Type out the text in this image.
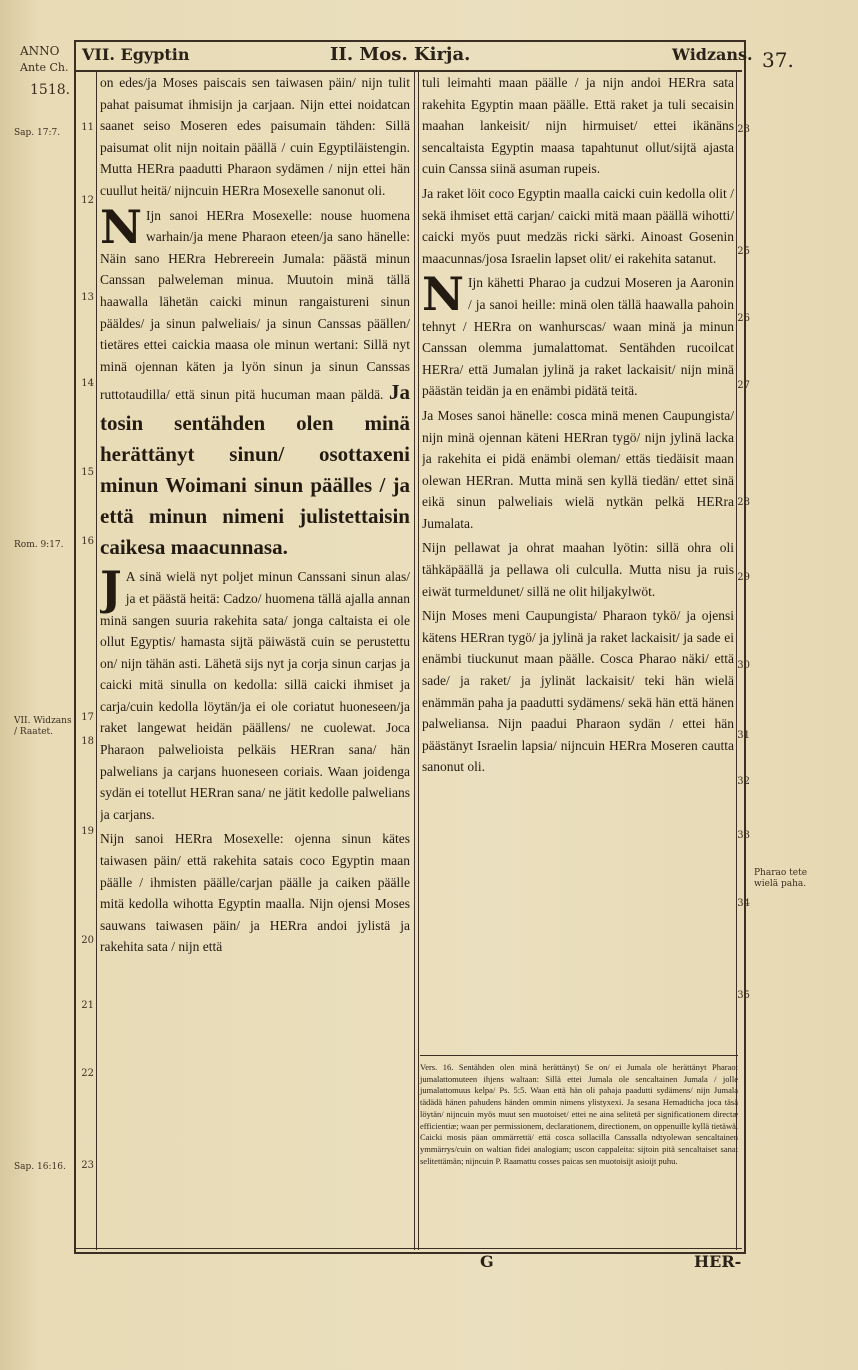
ANNO
Ante Ch.
1518.
VII. Egyptin	II. Mos. Kirja.	Widzans. 37.
Sap. 17:7.
Rom. 9:17.
VII. Widzans / Raatet.
Sap. 16:16.
Pharao tete wielä paha.
11
12
13
14
15
16
17
18
19
20
21
22
23
23
25
26
27
28
29
30
31
32
33
34
35

on edes/ja Moses paiscais sen taiwasen päin/ nijn tulit pahat paisumat ihmisijn ja carjaan. Nijn ettei noidatcan saanet seiso Moseren edes paisumain tähden: Sillä paisumat olit nijn noitain päällä / cuin Egyptiläistengin. Mutta HERra paadutti Pharaon sydämen / nijn ettei hän cuullut heitä/ nijncuin HERra Mosexelle sanonut oli.

N Ijn sanoi HERra Mosexelle: nouse huomena warhain/ja mene Pharaon eteen/ja sano hänelle: Näin sano HERra Hebrereein Jumala: päästä minun Canssan palweleman minua. Muutoin minä tällä haawalla lähetän caicki minun rangaistureni sinun pääldes/ ja sinun palweliais/ ja sinun Canssas päällen/ tietäres ettei caickia maasa ole minun wertani: Sillä nyt minä ojennan käten ja lyön sinun ja sinun Canssas ruttotaudilla/ että sinun pitä hucuman maan päldä. Ja tosin sentähden olen minä herättänyt sinun/ osottaxeni minun Woimani sinun päälles / ja että minun nimeni julistettaisin caikesa maacunnasa.

J A sinä wielä nyt poljet minun Canssani sinun alas/ ja et päästä heitä: Cadzo/ huomena tällä ajalla annan minä sangen suuria rakehita sata/ jonga caltaista ei ole ollut Egyptis/ hamasta sijtä päiwästä cuin se perustettu on/ nijn tähän asti. Lähetä sijs nyt ja corja sinun carjas ja caicki mitä sinulla on kedolla: sillä caicki ihmiset ja carja/cuin kedolla löytän/ja ei ole coriatut huoneseen/ja raket langewat heidän päällens/ ne cuolewat. Joca Pharaon palwelioista pelkäis HERran sana/ hän palwelians ja carjans huoneseen coriais. Waan joidenga sydän ei totellut HERran sana/ ne jätit kedolle palwelians ja carjans.

Nijn sanoi HERra Mosexelle: ojenna sinun kätes taiwasen päin/ että rakehita satais coco Egyptin maan päälle / ihmisten päälle/carjan päälle ja caiken päälle mitä kedolla wihotta Egyptin maalla. Nijn ojensi Moses sauwans taiwasen päin/ ja HERra andoi jylistä ja rakehita sata / nijn että

tuli leimahti maan päälle / ja nijn andoi HERra sata rakehita Egyptin maan päälle. Että raket ja tuli secaisin maahan lankeisit/ nijn hirmuiset/ ettei ikänäns sencaltaista Egyptin maasa tapahtunut ollut/sijtä ajasta cuin Canssa siinä asuman rupeis.

Ja raket löit coco Egyptin maalla caicki cuin kedolla olit / sekä ihmiset että carjan/ caicki mitä maan päällä wihotti/ caicki myös puut medzäs ricki särki. Ainoast Gosenin maacunnas/josa Israelin lapset olit/ ei rakehita satanut.

N Ijn kähetti Pharao ja cudzui Moseren ja Aaronin / ja sanoi heille: minä olen tällä haawalla pahoin tehnyt / HERra on wanhurscas/ waan minä ja minun Canssan olemma jumalattomat. Sentähden rucoilcat HERra/ että Jumalan jylinä ja raket lackaisit/ nijn minä päästän teidän ja en enämbi pidätä teitä.

Ja Moses sanoi hänelle: cosca minä menen Caupungista/ nijn minä ojennan käteni HERran tygö/ nijn jylinä lacka ja rakehita ei pidä enämbi oleman/ ettäs tiedäisit maan olewan HERran. Mutta minä sen kyllä tiedän/ ettet sinä eikä sinun palweliais wielä nytkän pelkä HERra Jumalata.

Nijn pellawat ja ohrat maahan lyötin: sillä ohra oli tähkäpäällä ja pellawa oli culculla. Mutta nisu ja ruis eiwät turmeldunet/ sillä ne olit hiljakylwöt.

Nijn Moses meni Caupungista/ Pharaon tykö/ ja ojensi kätens HERran tygö/ ja jylinä ja raket lackaisit/ ja sade ei enämbi tiuckunut maan päälle. Cosca Pharao näki/ että sade/ ja raket/ ja jylinät lackaisit/ teki hän wielä enämmän paha ja paadutti sydämens/ sekä hän että hänen palweliansa. Nijn paadui Pharaon sydän / ettei hän päästänyt Israelin lapsia/ nijncuin HERra Moseren cautta sanonut oli.

Vers. 16. Sentähden olen minä herättänyt) Se on/ ei Jumala ole herättänyt Pharaot jumalattomuteen ihjens waltaan: Sillä ettei Jumala ole sencaltainen Jumala / jolle jumalattomuus kelpa/ Ps. 5:5. Waan että hän oli pahaja paadutti sydämens/ nijn Jumala tädädä hänen pahudens händen ommin nimens ylistyxexi. Ja sesana Hemadticha joca täsä löytän/ nijncuin myös muut sen muotoiset/ ettei ne aina selitetä per significationem directæ efficientiæ; waan per permissionem, declarationem, directionem, on oppenuille kyllä tietäwä. Caicki mosis päan ommärrettä/ että cosca sollacilla Canssalla ndtyolewan sencaltainen ymmärrys/cuin on waltian fidei analogiam; uscon cappaleita: sijtoin pitä sencaltaiset sanat selitettämän; nijncuin P. Raamattu cosses paicas sen muotoisijt asioijt puhu.
G	HER-
